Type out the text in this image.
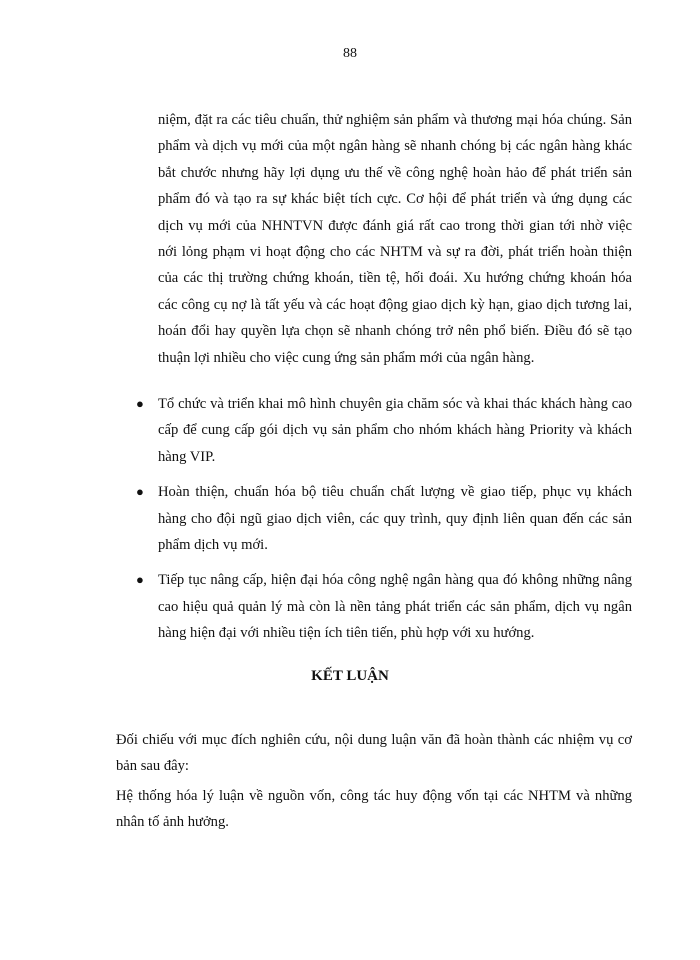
88

niệm, đặt ra các tiêu chuẩn, thử nghiệm sản phẩm và thương mại hóa chúng. Sản phẩm và dịch vụ mới của một ngân hàng sẽ nhanh chóng bị các ngân hàng khác bắt chước nhưng hãy lợi dụng ưu thế về công nghệ hoàn hảo để phát triển sản phẩm đó và tạo ra sự khác biệt tích cực. Cơ hội để phát triển và ứng dụng các dịch vụ mới của NHNTVN được đánh giá rất cao trong thời gian tới nhờ việc nới lỏng phạm vi hoạt động cho các NHTM và sự ra đời, phát triển hoàn thiện của các thị trường chứng khoán, tiền tệ, hối đoái. Xu hướng chứng khoán hóa các công cụ nợ là tất yếu và các hoạt động giao dịch kỳ hạn, giao dịch tương lai, hoán đổi hay quyền lựa chọn sẽ nhanh chóng trở nên phổ biến. Điều đó sẽ tạo thuận lợi nhiều cho việc cung ứng sản phẩm mới của ngân hàng.

● Tổ chức và triển khai mô hình chuyên gia chăm sóc và khai thác khách hàng cao cấp để cung cấp gói dịch vụ sản phẩm cho nhóm khách hàng Priority và khách hàng VIP.
● Hoàn thiện, chuẩn hóa bộ tiêu chuẩn chất lượng về giao tiếp, phục vụ khách hàng cho đội ngũ giao dịch viên, các quy trình, quy định liên quan đến các sản phẩm dịch vụ mới.
● Tiếp tục nâng cấp, hiện đại hóa công nghệ ngân hàng qua đó không những nâng cao hiệu quả quản lý mà còn là nền tảng phát triển các sản phẩm, dịch vụ ngân hàng hiện đại với nhiều tiện ích tiên tiến, phù hợp với xu hướng.
KẾT LUẬN

Đối chiếu với mục đích nghiên cứu, nội dung luận văn đã hoàn thành các nhiệm vụ cơ bản sau đây:

Hệ thống hóa lý luận về nguồn vốn, công tác huy động vốn tại các NHTM và những nhân tố ảnh hưởng.
